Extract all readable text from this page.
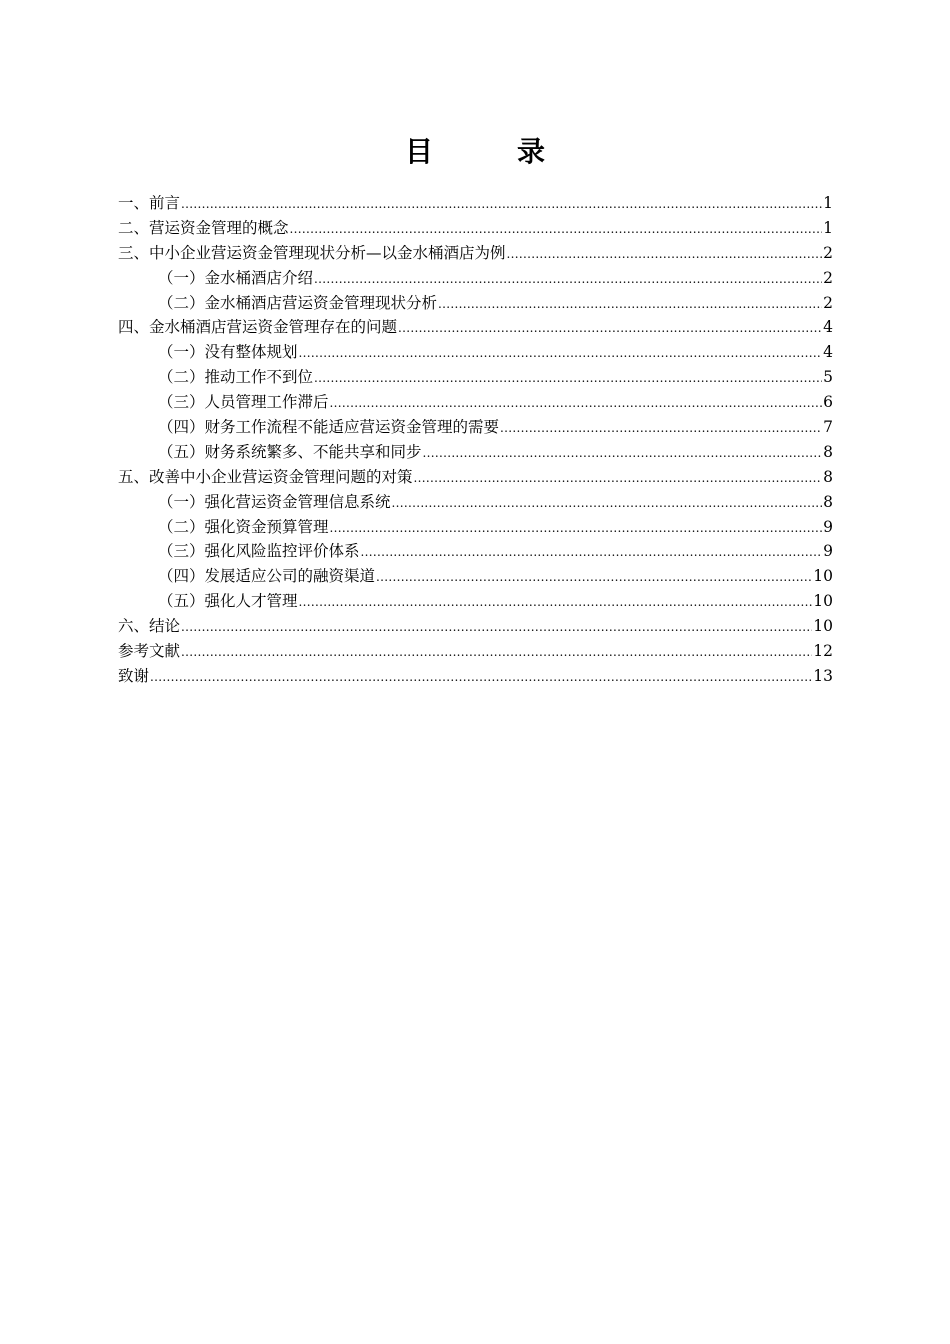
目　录
一、前言 .....	1
二、营运资金管理的概念 .....	1
三、中小企业营运资金管理现状分析—以金水桶酒店为例 .....	2
（一）金水桶酒店介绍 .....	2
（二）金水桶酒店营运资金管理现状分析 .....	2
四、金水桶酒店营运资金管理存在的问题 .....	4
（一）没有整体规划 .....	4
（二）推动工作不到位 .....	5
（三）人员管理工作滞后 .....	6
（四）财务工作流程不能适应营运资金管理的需要 .....	7
（五）财务系统繁多、不能共享和同步 .....	8
五、改善中小企业营运资金管理问题的对策 .....	8
（一）强化营运资金管理信息系统 .....	8
（二）强化资金预算管理 .....	9
（三）强化风险监控评价体系 .....	9
（四）发展适应公司的融资渠道 .....	10
（五）强化人才管理 .....	10
六、结论 .....	10
参考文献 .....	12
致谢 .....	13
